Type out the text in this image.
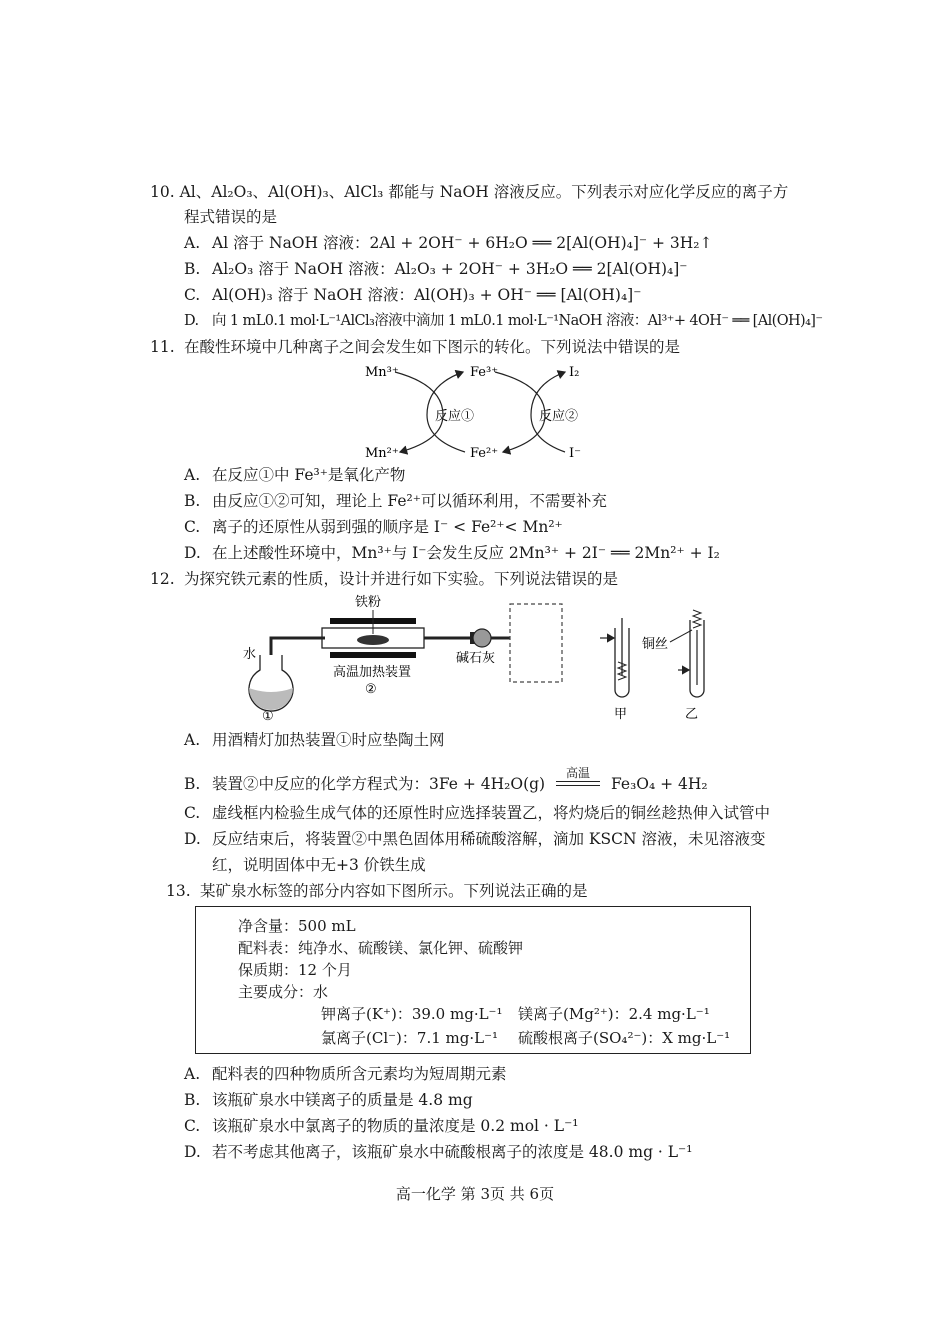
10. Al、Al₂O₃、Al(OH)₃、AlCl₃ 都能与 NaOH 溶液反应。下列表示对应化学反应的离子方
程式错误的是
A. Al 溶于 NaOH 溶液：2Al + 2OH⁻ + 6H₂O ══ 2[Al(OH)₄]⁻ + 3H₂↑
B. Al₂O₃ 溶于 NaOH 溶液：Al₂O₃ + 2OH⁻ + 3H₂O ══ 2[Al(OH)₄]⁻
C. Al(OH)₃ 溶于 NaOH 溶液：Al(OH)₃ + OH⁻ ══ [Al(OH)₄]⁻
D. 向 1 mL0.1 mol·L⁻¹AlCl₃溶液中滴加 1 mL0.1 mol·L⁻¹NaOH 溶液：Al³⁺+ 4OH⁻ ══ [Al(OH)₄]⁻
11. 在酸性环境中几种离子之间会发生如下图示的转化。下列说法中错误的是
Mn³⁺
Mn²⁺
Fe³⁺
Fe²⁺
I₂
I⁻
反应①	反应②
A. 在反应①中 Fe³⁺是氧化产物
B. 由反应①②可知，理论上 Fe²⁺可以循环利用，不需要补充
C. 离子的还原性从弱到强的顺序是 I⁻ < Fe²⁺< Mn²⁺
D. 在上述酸性环境中，Mn³⁺与 I⁻会发生反应 2Mn³⁺ + 2I⁻ ══ 2Mn²⁺ + I₂
12. 为探究铁元素的性质，设计并进行如下实验。下列说法错误的是
水
①
铁粉
高温加热装置
②
碱石灰
甲
铜丝
乙
A. 用酒精灯加热装置①时应垫陶土网
B. 装置②中反应的化学方程式为：3Fe + 4H₂O(g)
高温
Fe₃O₄ + 4H₂
C. 虚线框内检验生成气体的还原性时应选择装置乙，将灼烧后的铜丝趁热伸入试管中
D. 反应结束后，将装置②中黑色固体用稀硫酸溶解，滴加 KSCN 溶液，未见溶液变
红，说明固体中无+3 价铁生成
13. 某矿泉水标签的部分内容如下图所示。下列说法正确的是
净含量：500 mL
配料表：纯净水、硫酸镁、氯化钾、硫酸钾
保质期：12 个月
主要成分：水
钾离子(K⁺)：39.0 mg·L⁻¹ 镁离子(Mg²⁺)：2.4 mg·L⁻¹
氯离子(Cl⁻)：7.1 mg·L⁻¹ 硫酸根离子(SO₄²⁻)：X mg·L⁻¹
A. 配料表的四种物质所含元素均为短周期元素
B. 该瓶矿泉水中镁离子的质量是 4.8 mg
C. 该瓶矿泉水中氯离子的物质的量浓度是 0.2 mol · L⁻¹
D. 若不考虑其他离子，该瓶矿泉水中硫酸根离子的浓度是 48.0 mg · L⁻¹
高一化学 第 3页 共 6页
